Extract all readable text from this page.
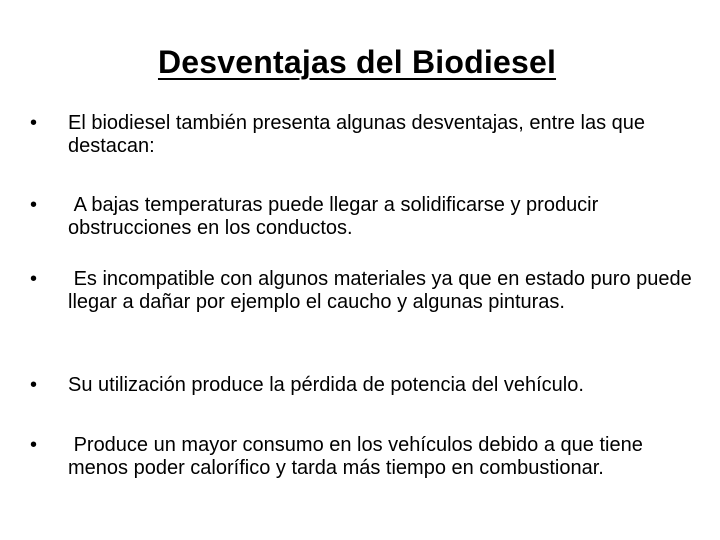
Desventajas del Biodiesel
•	El biodiesel también presenta algunas desventajas, entre las que destacan:
•	A bajas temperaturas puede llegar a solidificarse y producir obstrucciones en los conductos.
•	Es incompatible con algunos materiales ya que en estado puro puede llegar a dañar por ejemplo el caucho y algunas pinturas.
•	Su utilización produce la pérdida de potencia del vehículo.
•	Produce un mayor consumo en los vehículos debido a que tiene menos poder calorífico y tarda más tiempo en combustionar.
